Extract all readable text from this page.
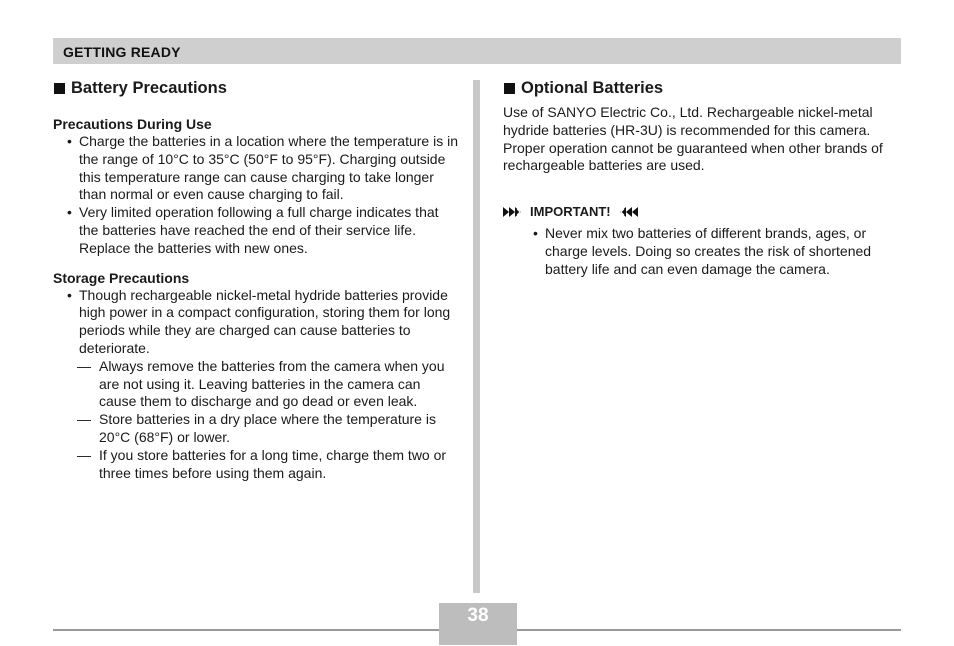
GETTING READY
Battery Precautions
Precautions During Use
• Charge the batteries in a location where the temperature is in the range of 10°C to 35°C (50°F to 95°F). Charging outside this temperature range can cause charging to take longer than normal or even cause charging to fail.
• Very limited operation following a full charge indicates that the batteries have reached the end of their service life. Replace the batteries with new ones.
Storage Precautions
• Though rechargeable nickel-metal hydride batteries provide high power in a compact configuration, storing them for long periods while they are charged can cause batteries to deteriorate.
— Always remove the batteries from the camera when you are not using it. Leaving batteries in the camera can cause them to discharge and go dead or even leak.
— Store batteries in a dry place where the temperature is 20°C (68°F) or lower.
— If you store batteries for a long time, charge them two or three times before using them again.
Optional Batteries
Use of SANYO Electric Co., Ltd. Rechargeable nickel-metal hydride batteries (HR-3U) is recommended for this camera. Proper operation cannot be guaranteed when other brands of rechargeable batteries are used.
IMPORTANT!
• Never mix two batteries of different brands, ages, or charge levels. Doing so creates the risk of shortened battery life and can even damage the camera.
38
